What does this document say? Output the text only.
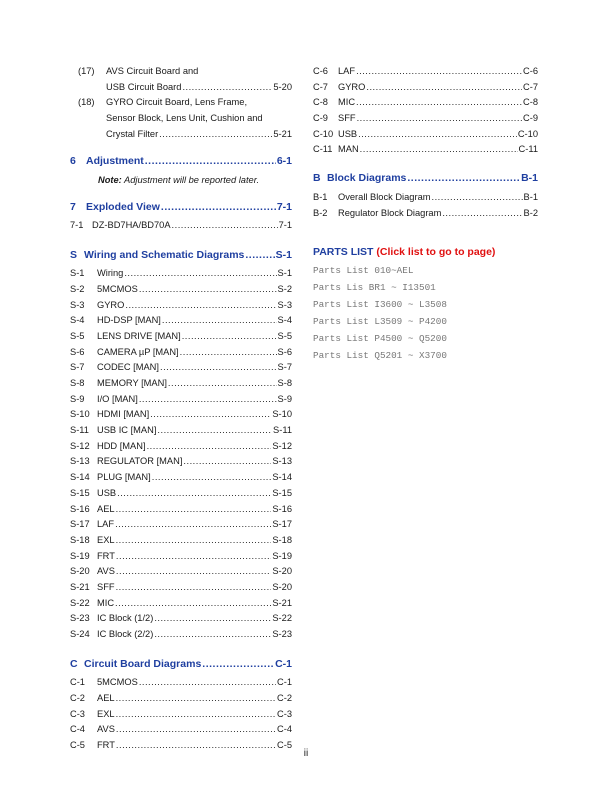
(17)	AVS Circuit Board and
USB Circuit Board .....	5-20
(18)	GYRO Circuit Board, Lens Frame,
Sensor Block, Lens Unit, Cushion and
Crystal Filter .....	5-21
6 Adjustment .....	6-1
Note: Adjustment will be reported later.
7 Exploded View .....	7-1
7-1 DZ-BD7HA/BD70A .....	7-1
S Wiring and Schematic Diagrams .....	S-1
S-1	Wiring .....	S-1
S-2	5MCMOS .....	S-2
S-3	GYRO .....	S-3
S-4	HD-DSP [MAN] .....	S-4
S-5	LENS DRIVE [MAN] .....	S-5
S-6	CAMERA µP [MAN] .....	S-6
S-7	CODEC [MAN] .....	S-7
S-8	MEMORY [MAN] .....	S-8
S-9	I/O [MAN] .....	S-9
S-10 HDMI [MAN] .....	S-10
S-11 USB IC [MAN] .....	S-11
S-12 HDD [MAN] .....	S-12
S-13 REGULATOR [MAN] .....	S-13
S-14 PLUG [MAN] .....	S-14
S-15 USB .....	S-15
S-16 AEL .....	S-16
S-17 LAF .....	S-17
S-18 EXL .....	S-18
S-19 FRT .....	S-19
S-20 AVS .....	S-20
S-21 SFF .....	S-20
S-22 MIC .....	S-21
S-23 IC Block (1/2) .....	S-22
S-24 IC Block (2/2) .....	S-23
C Circuit Board Diagrams .....	C-1
C-1	5MCMOS .....	C-1
C-2	AEL .....	C-2
C-3	EXL .....	C-3
C-4	AVS .....	C-4
C-5	FRT .....	C-5
C-6	LAF .....	C-6
C-7	GYRO .....	C-7
C-8	MIC .....	C-8
C-9	SFF .....	C-9
C-10 USB .....	C-10
C-11 MAN .....	C-11
B Block Diagrams .....	B-1
B-1	Overall Block Diagram .....	B-1
B-2	Regulator Block Diagram .....	B-2
PARTS LIST (Click list to go to page)
Parts List 010~AEL
Parts Lis BR1 ~ I13501
Parts List I3600 ~ L3508
Parts List L3509 ~ P4200
Parts List P4500 ~ Q5200
Parts List Q5201 ~ X3700
ii
